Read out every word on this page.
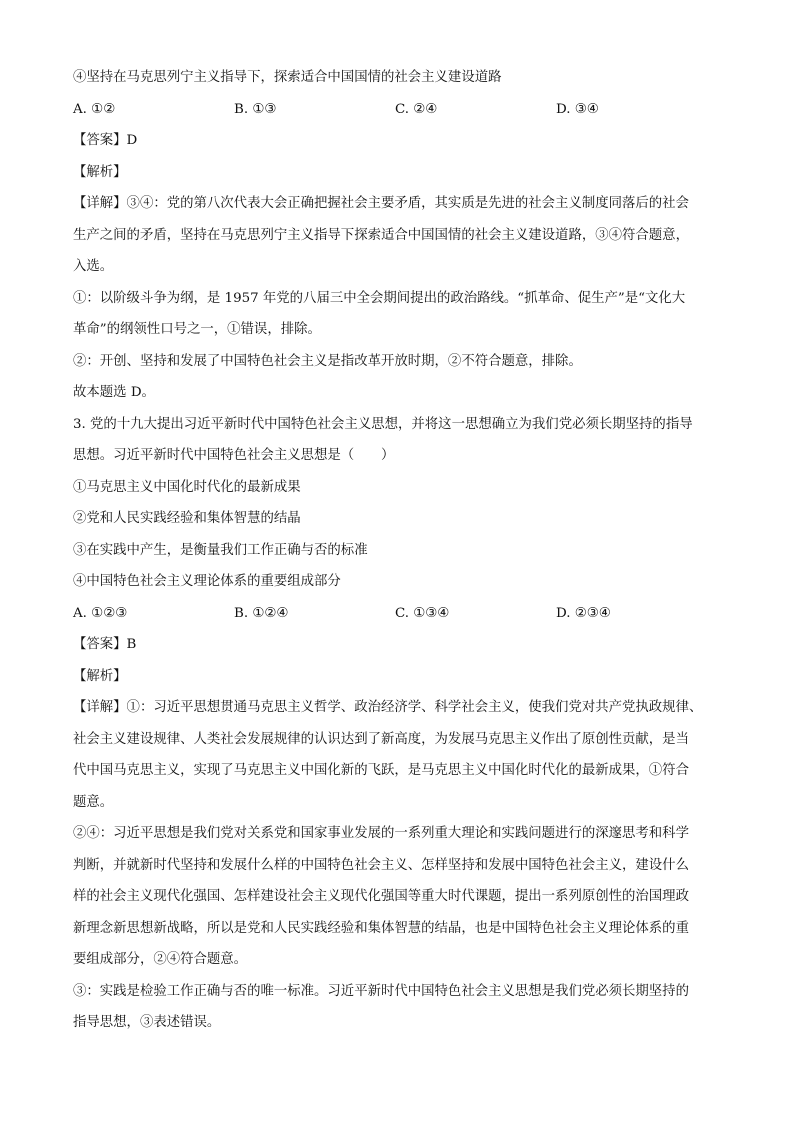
④坚持在马克思列宁主义指导下，探索适合中国国情的社会主义建设道路

A. ①②	B. ①③	C. ②④	D. ③④

【答案】D

【解析】

【详解】③④：党的第八次代表大会正确把握社会主要矛盾，其实质是先进的社会主义制度同落后的社会

生产之间的矛盾，坚持在马克思列宁主义指导下探索适合中国国情的社会主义建设道路，③④符合题意，

入选。

①：以阶级斗争为纲，是 1957 年党的八届三中全会期间提出的政治路线。“抓革命、促生产”是“文化大

革命”的纲领性口号之一，①错误，排除。

②：开创、坚持和发展了中国特色社会主义是指改革开放时期，②不符合题意，排除。

故本题选 D。

3. 党的十九大提出习近平新时代中国特色社会主义思想，并将这一思想确立为我们党必须长期坚持的指导

思想。习近平新时代中国特色社会主义思想是（　　）

①马克思主义中国化时代化的最新成果

②党和人民实践经验和集体智慧的结晶

③在实践中产生，是衡量我们工作正确与否的标准

④中国特色社会主义理论体系的重要组成部分

A. ①②③	B. ①②④	C. ①③④	D. ②③④

【答案】B

【解析】

【详解】①：习近平思想贯通马克思主义哲学、政治经济学、科学社会主义，使我们党对共产党执政规律、

社会主义建设规律、人类社会发展规律的认识达到了新高度，为发展马克思主义作出了原创性贡献，是当

代中国马克思主义，实现了马克思主义中国化新的飞跃，是马克思主义中国化时代化的最新成果，①符合

题意。

②④：习近平思想是我们党对关系党和国家事业发展的一系列重大理论和实践问题进行的深邃思考和科学

判断，并就新时代坚持和发展什么样的中国特色社会主义、怎样坚持和发展中国特色社会主义，建设什么

样的社会主义现代化强国、怎样建设社会主义现代化强国等重大时代课题，提出一系列原创性的治国理政

新理念新思想新战略，所以是党和人民实践经验和集体智慧的结晶，也是中国特色社会主义理论体系的重

要组成部分，②④符合题意。

③：实践是检验工作正确与否的唯一标准。习近平新时代中国特色社会主义思想是我们党必须长期坚持的

指导思想，③表述错误。
